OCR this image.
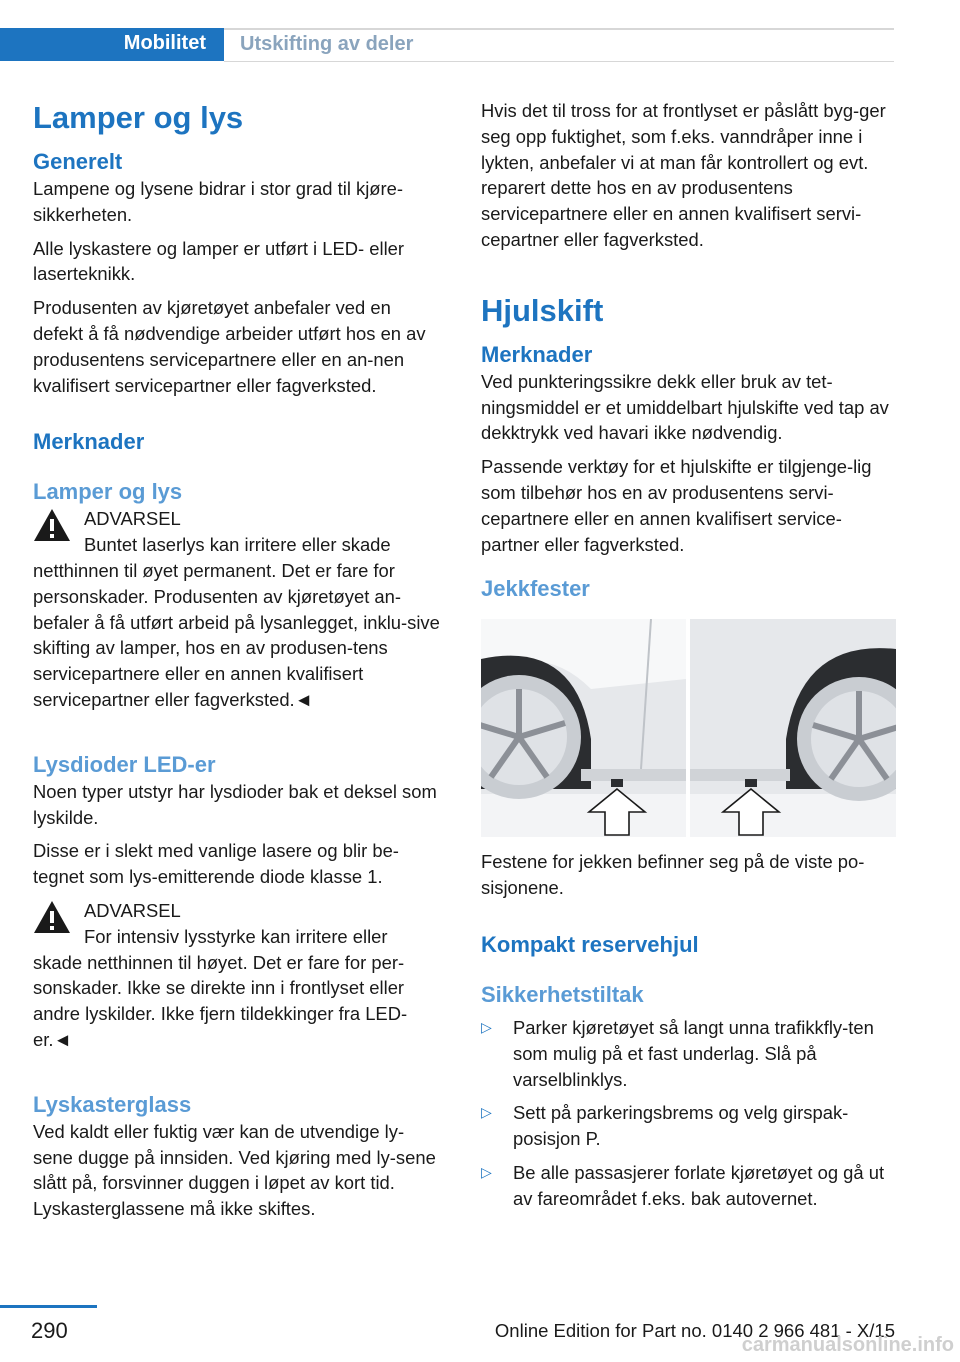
Mobilitet Utskifting av deler
Lamper og lys
Generelt

Lampene og lysene bidrar i stor grad til kjøre-sikkerheten.

Alle lyskastere og lamper er utført i LED- eller laserteknikk.

Produsenten av kjøretøyet anbefaler ved en defekt å få nødvendige arbeider utført hos en av produsentens servicepartnere eller en an-nen kvalifisert servicepartner eller fagverksted.

Merknader
Lamper og lys
ADVARSEL
Buntet laserlys kan irritere eller skade

netthinnen til øyet permanent. Det er fare for personskader. Produsenten av kjøretøyet an-befaler å få utført arbeid på lysanlegget, inklu-sive skifting av lamper, hos en av produsen-tens servicepartnere eller en annen kvalifisert servicepartner eller fagverksted.◄

Lysdioder LED-er

Noen typer utstyr har lysdioder bak et deksel som lyskilde.

Disse er i slekt med vanlige lasere og blir be-tegnet som lys-emitterende diode klasse 1.

ADVARSEL
For intensiv lysstyrke kan irritere eller

skade netthinnen til høyet. Det er fare for per-sonskader. Ikke se direkte inn i frontlyset eller andre lyskilder. Ikke fjern tildekkinger fra LED-er.◄

Lyskasterglass

Ved kaldt eller fuktig vær kan de utvendige ly-sene dugge på innsiden. Ved kjøring med ly-sene slått på, forsvinner duggen i løpet av kort tid. Lyskasterglassene må ikke skiftes.

Hvis det til tross for at frontlyset er påslått byg-ger seg opp fuktighet, som f.eks. vanndråper inne i lykten, anbefaler vi at man får kontrollert og evt. reparert dette hos en av produsentens servicepartnere eller en annen kvalifisert servi-cepartner eller fagverksted.

Hjulskift
Merknader

Ved punkteringssikre dekk eller bruk av tet-ningsmiddel er et umiddelbart hjulskifte ved tap av dekktrykk ved havari ikke nødvendig.

Passende verktøy for et hjulskifte er tilgjenge-lig som tilbehør hos en av produsentens servi-cepartnere eller en annen kvalifisert service-partner eller fagverksted.

Jekkfester

Festene for jekken befinner seg på de viste po-sisjonene.

Kompakt reservehjul
Sikkerhetstiltak
▷ Parker kjøretøyet så langt unna trafikkfly-ten som mulig på et fast underlag. Slå på varselblinklys.
▷ Sett på parkeringsbrems og velg girspak-posisjon P.
▷ Be alle passasjerer forlate kjøretøyet og gå ut av fareområdet f.eks. bak autovernet.
290	Online Edition for Part no. 0140 2 966 481 - X/15
carmanualsonline.info
